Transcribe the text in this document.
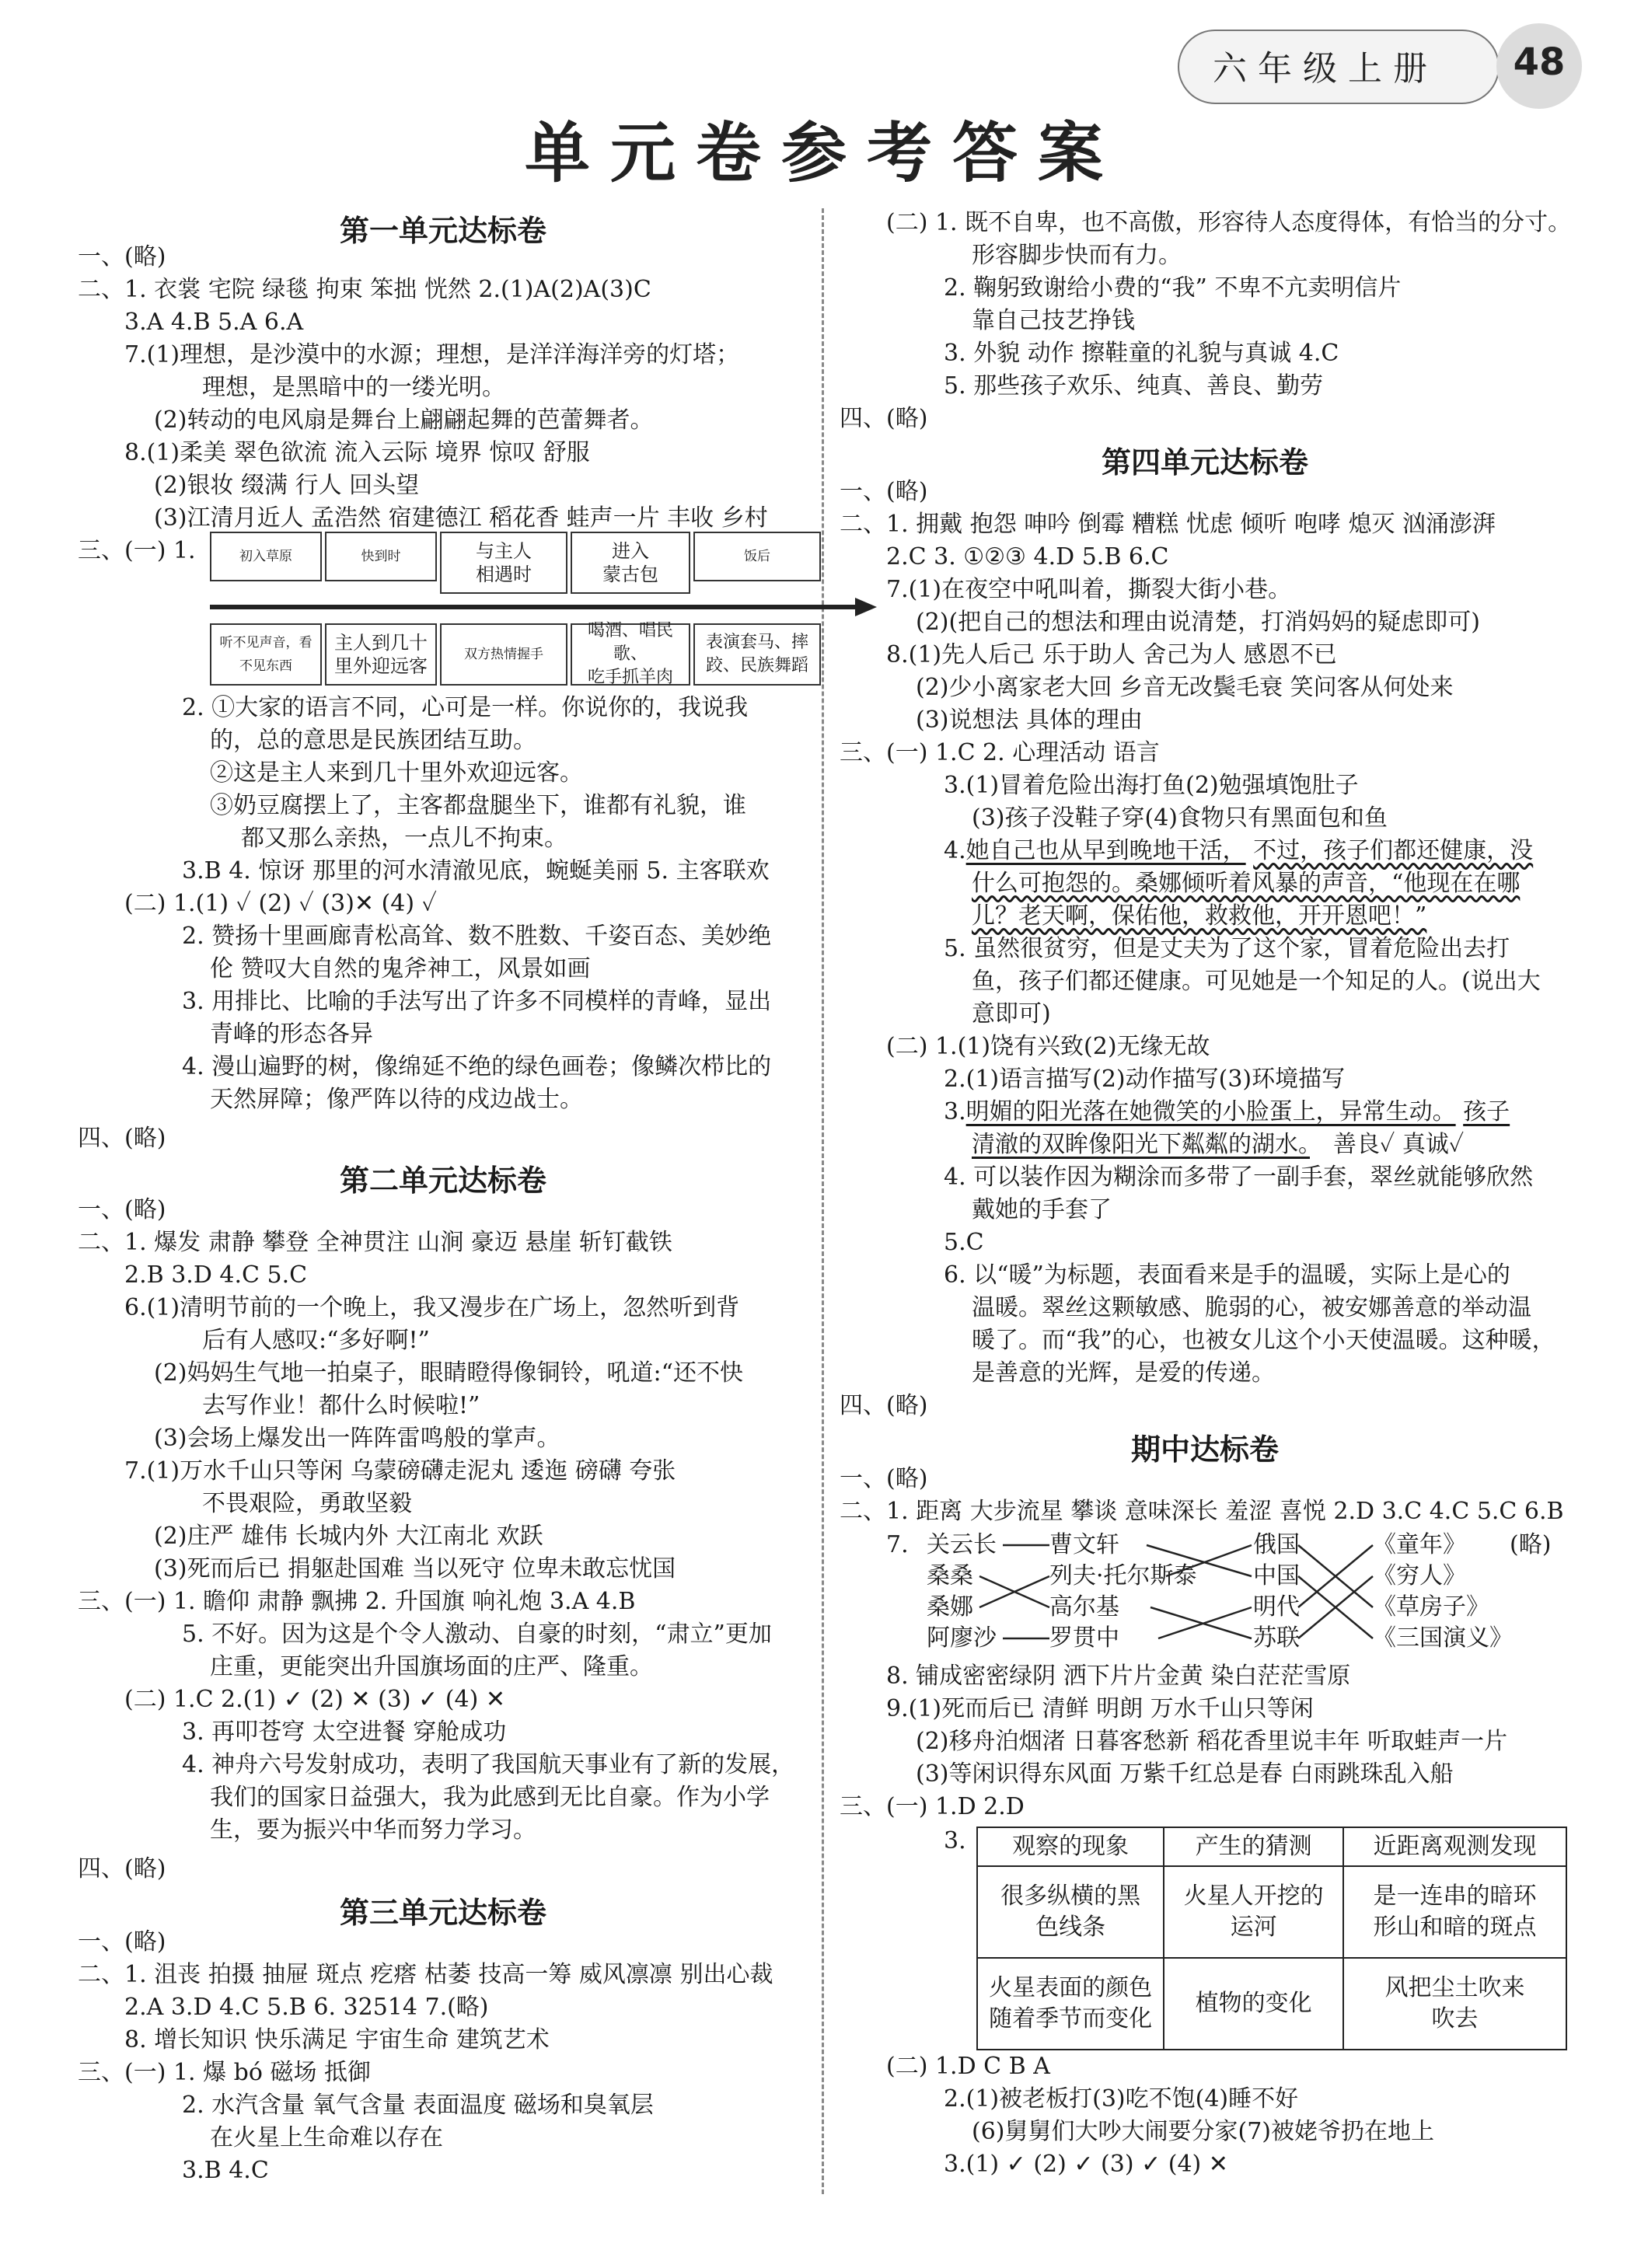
六年级上册	48
单元卷参考答案
第一单元达标卷
一、(略)
二、1. 衣裳 宅院 绿毯 拘束 笨拙 恍然 2.(1)A(2)A(3)C
3.A 4.B 5.A 6.A
7.(1)理想，是沙漠中的水源；理想，是洋洋海洋旁的灯塔；
理想，是黑暗中的一缕光明。
(2)转动的电风扇是舞台上翩翩起舞的芭蕾舞者。
8.(1)柔美 翠色欲流 流入云际 境界 惊叹 舒服
(2)银妆 缀满 行人 回头望
(3)江清月近人 孟浩然 宿建德江 稻花香 蛙声一片 丰收 乡村
三、(一) 1.	初入草原	快到时	与主人
相遇时
进入
蒙古包
饭后
听不见声音，看
不见东西
主人到几十
里外迎远客
双方热情握手
喝酒、唱民歌、
吃手抓羊肉
表演套马、摔
跤、民族舞蹈
2. ①大家的语言不同，心可是一样。你说你的，我说我
的，总的意思是民族团结互助。
②这是主人来到几十里外欢迎远客。
③奶豆腐摆上了，主客都盘腿坐下，谁都有礼貌，谁
都又那么亲热，一点儿不拘束。
3.B 4. 惊讶 那里的河水清澈见底，蜿蜒美丽 5. 主客联欢
(二) 1.(1) ✓ (2) ✓ (3)✕ (4) ✓
2. 赞扬十里画廊青松高耸、数不胜数、千姿百态、美妙绝
伦 赞叹大自然的鬼斧神工，风景如画
3. 用排比、比喻的手法写出了许多不同模样的青峰，显出
青峰的形态各异
4. 漫山遍野的树，像绵延不绝的绿色画卷；像鳞次栉比的
天然屏障；像严阵以待的戍边战士。
四、(略)
第二单元达标卷
一、(略)
二、1. 爆发 肃静 攀登 全神贯注 山涧 豪迈 悬崖 斩钉截铁
2.B 3.D 4.C 5.C
6.(1)清明节前的一个晚上，我又漫步在广场上，忽然听到背
后有人感叹:“多好啊!”
(2)妈妈生气地一拍桌子，眼睛瞪得像铜铃，吼道:“还不快
去写作业！都什么时候啦!”
(3)会场上爆发出一阵阵雷鸣般的掌声。
7.(1)万水千山只等闲 乌蒙磅礴走泥丸 逶迤 磅礴 夸张
不畏艰险，勇敢坚毅
(2)庄严 雄伟 长城内外 大江南北 欢跃
(3)死而后已 捐躯赴国难 当以死守 位卑未敢忘忧国
三、(一) 1. 瞻仰 肃静 飘拂 2. 升国旗 响礼炮 3.A 4.B
5. 不好。因为这是个令人激动、自豪的时刻，“肃立”更加
庄重，更能突出升国旗场面的庄严、隆重。
(二) 1.C 2.(1) ✓ (2) ✕ (3) ✓ (4) ✕
3. 再叩苍穹 太空进餐 穿舱成功
4. 神舟六号发射成功，表明了我国航天事业有了新的发展，
我们的国家日益强大，我为此感到无比自豪。作为小学
生，要为振兴中华而努力学习。
四、(略)
第三单元达标卷
一、(略)
二、1. 沮丧 拍摄 抽屉 斑点 疙瘩 枯萎 技高一筹 威风凛凛 别出心裁
2.A 3.D 4.C 5.B 6. 32514 7.(略)
8. 增长知识 快乐满足 宇宙生命 建筑艺术
三、(一) 1. 爆 bó 磁场 抵御
2. 水汽含量 氧气含量 表面温度 磁场和臭氧层
在火星上生命难以存在
3.B 4.C
(二) 1. 既不自卑，也不高傲，形容待人态度得体，有恰当的分寸。
形容脚步快而有力。
2. 鞠躬致谢给小费的“我” 不卑不亢卖明信片
靠自己技艺挣钱
3. 外貌 动作 擦鞋童的礼貌与真诚 4.C
5. 那些孩子欢乐、纯真、善良、勤劳
四、(略)
第四单元达标卷
一、(略)
二、1. 拥戴 抱怨 呻吟 倒霉 糟糕 忧虑 倾听 咆哮 熄灭 汹涌澎湃
2.C 3. ①②③ 4.D 5.B 6.C
7.(1)在夜空中吼叫着，撕裂大街小巷。
(2)(把自己的想法和理由说清楚，打消妈妈的疑虑即可)
8.(1)先人后己 乐于助人 舍己为人 感恩不已
(2)少小离家老大回 乡音无改鬓毛衰 笑问客从何处来
(3)说想法 具体的理由
三、(一) 1.C 2. 心理活动 语言
3.(1)冒着危险出海打鱼(2)勉强填饱肚子
(3)孩子没鞋子穿(4)食物只有黑面包和鱼
4.她自己也从早到晚地干活， 不过，孩子们都还健康，没
什么可抱怨的。桑娜倾听着风暴的声音，“他现在在哪
儿？老天啊，保佑他，救救他，开开恩吧！”
5. 虽然很贫穷，但是丈夫为了这个家，冒着危险出去打
鱼，孩子们都还健康。可见她是一个知足的人。(说出大
意即可)
(二) 1.(1)饶有兴致(2)无缘无故
2.(1)语言描写(2)动作描写(3)环境描写
3.明媚的阳光落在她微笑的小脸蛋上，异常生动。 孩子
清澈的双眸像阳光下粼粼的湖水。　 善良✓ 真诚✓
4. 可以装作因为糊涂而多带了一副手套，翠丝就能够欣然
戴她的手套了
5.C
6. 以“暖”为标题，表面看来是手的温暖，实际上是心的
温暖。翠丝这颗敏感、脆弱的心，被安娜善意的举动温
暖了。而“我”的心，也被女儿这个小天使温暖。这种暖，
是善意的光辉，是爱的传递。
四、(略)
期中达标卷
一、(略)
二、1. 距离 大步流星 攀谈 意味深长 羞涩 喜悦 2.D 3.C 4.C 5.C 6.B
7. 关云长
桑桑
桑娜
阿廖沙
曹文轩
列夫·托尔斯泰
高尔基
罗贯中
俄国
中国
明代
苏联
《童年》
《穷人》
《草房子》
《三国演义》
(略)
8. 铺成密密绿阴 洒下片片金黄 染白茫茫雪原
9.(1)死而后已 清鲜 明朗 万水千山只等闲
(2)移舟泊烟渚 日暮客愁新 稻花香里说丰年 听取蛙声一片
(3)等闲识得东风面 万紫千红总是春 白雨跳珠乱入船
三、(一) 1.D 2.D
3. 观察的现象	产生的猜测	近距离观测发现
很多纵横的黑
色线条	火星人开挖的
运河	是一连串的暗环
形山和暗的斑点
火星表面的颜色
随着季节而变化	植物的变化	风把尘土吹来
吹去
(二) 1.D C B A
2.(1)被老板打(3)吃不饱(4)睡不好
(6)舅舅们大吵大闹要分家(7)被姥爷扔在地上
3.(1) ✓ (2) ✓ (3) ✓ (4) ✕
